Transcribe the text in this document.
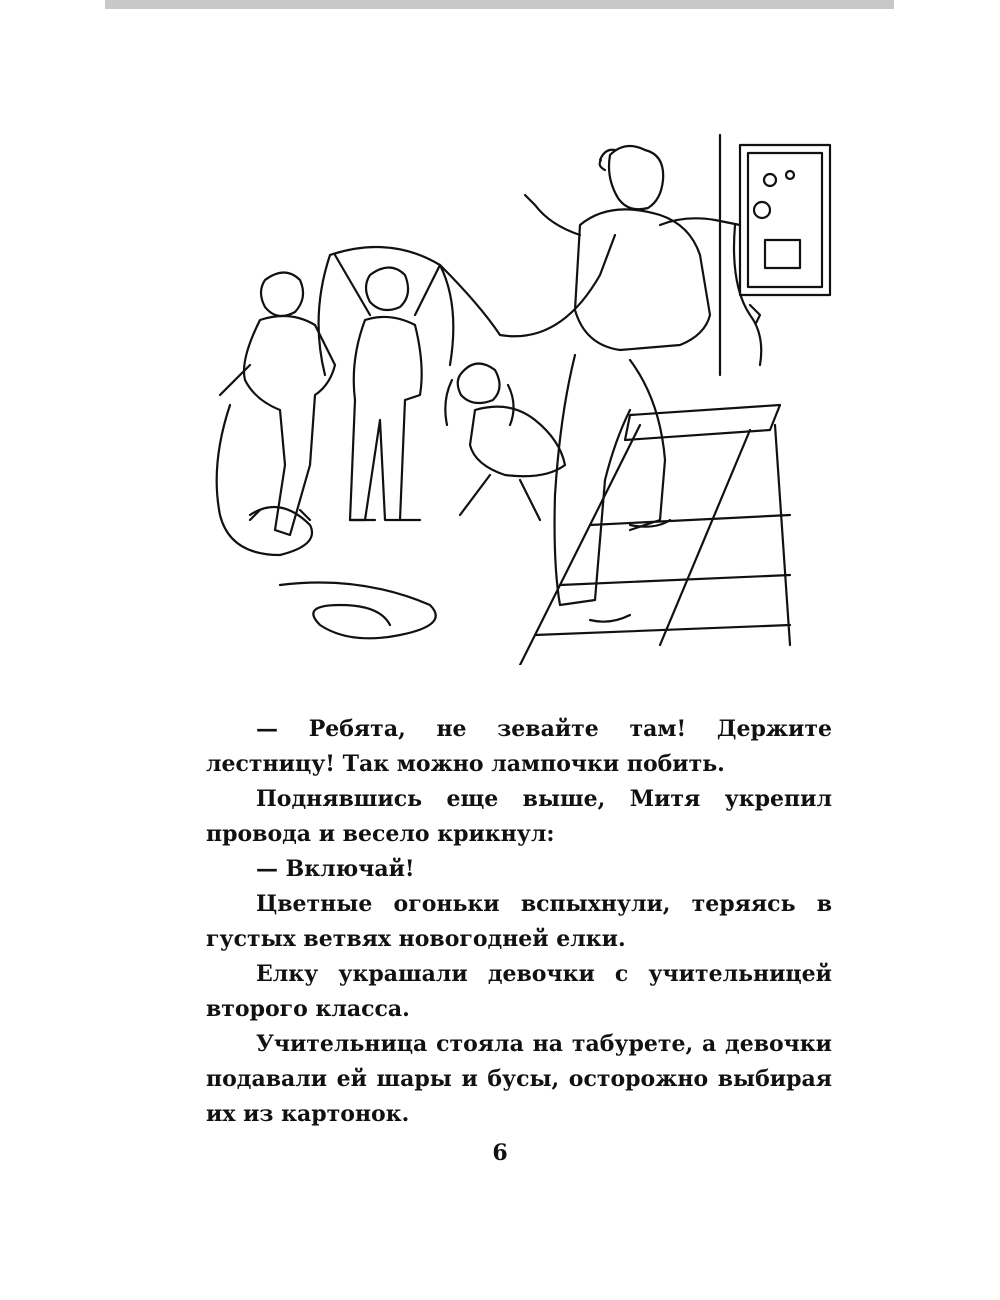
— Ребята, не зевайте там! Держите лестницу! Так можно лампочки побить.

Поднявшись еще выше, Митя укрепил провода и весело крикнул:

— Включай!

Цветные огоньки вспыхнули, теряясь в густых ветвях новогодней елки.

Елку украшали девочки с учительницей второго класса.

Учительница стояла на табурете, а девочки подавали ей шары и бусы, осторожно выбирая их из картонок.

6
